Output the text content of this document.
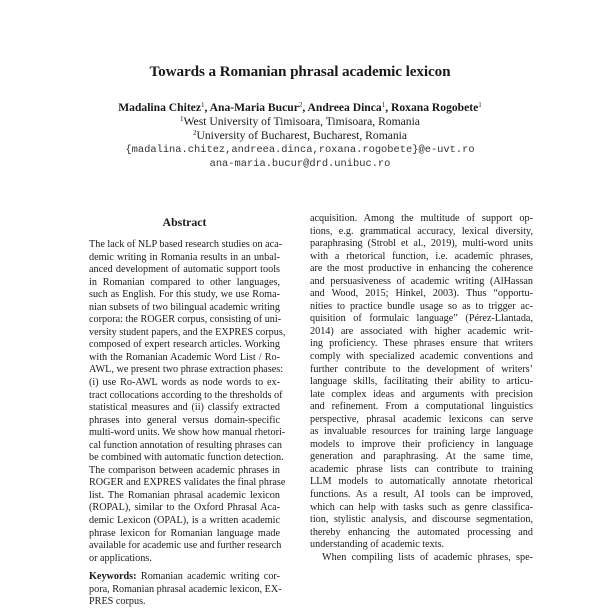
Towards a Romanian phrasal academic lexicon
Madalina Chitez$^1$, Ana-Maria Bucur$^2$, Andreea Dinca$^1$, Roxana Rogobete$^1$
$^1$West University of Timisoara, Timisoara, Romania
$^2$University of Bucharest, Bucharest, Romania
{madalina.chitez,andreea.dinca,roxana.rogobete}@e-uvt.ro
ana-maria.bucur@drd.unibuc.ro
Abstract
The lack of NLP based research studies on aca-
demic writing in Romania results in an unbal-
anced development of automatic support tools
in Romanian compared to other languages,
such as English. For this study, we use Roma-
nian subsets of two bilingual academic writing
corpora: the ROGER corpus, consisting of uni-
versity student papers, and the EXPRES corpus,
composed of expert research articles. Working
with the Romanian Academic Word List / Ro-
AWL, we present two phrase extraction phases:
(i) use Ro-AWL words as node words to ex-
tract collocations according to the thresholds of
statistical measures and (ii) classify extracted
phrases into general versus domain-specific
multi-word units. We show how manual rhetori-
cal function annotation of resulting phrases can
be combined with automatic function detection.
The comparison between academic phrases in
ROGER and EXPRES validates the final phrase
list. The Romanian phrasal academic lexicon
(ROPAL), similar to the Oxford Phrasal Aca-
demic Lexicon (OPAL), is a written academic
phrase lexicon for Romanian language made
available for academic use and further research
or applications.
Keywords: Romanian academic writing cor-
pora, Romanian phrasal academic lexicon, EX-
PRES corpus.
acquisition. Among the multitude of support op-
tions, e.g. grammatical accuracy, lexical diversity,
paraphrasing (Strobl et al., 2019), multi-word units
with a rhetorical function, i.e. academic phrases,
are the most productive in enhancing the coherence
and persuasiveness of academic writing (AlHassan
and Wood, 2015; Hinkel, 2003). Thus “opportu-
nities to practice bundle usage so as to trigger ac-
quisition of formulaic language” (Pérez-Llantada,
2014) are associated with higher academic writ-
ing proficiency. These phrases ensure that writers
comply with specialized academic conventions and
further contribute to the development of writers’
language skills, facilitating their ability to articu-
late complex ideas and arguments with precision
and refinement. From a computational linguistics
perspective, phrasal academic lexicons can serve
as invaluable resources for training large language
models to improve their proficiency in language
generation and paraphrasing. At the same time,
academic phrase lists can contribute to training
LLM models to automatically annotate rhetorical
functions. As a result, AI tools can be improved,
which can help with tasks such as genre classifica-
tion, stylistic analysis, and discourse segmentation,
thereby enhancing the automated processing and
understanding of academic texts.
When compiling lists of academic phrases, spe-
